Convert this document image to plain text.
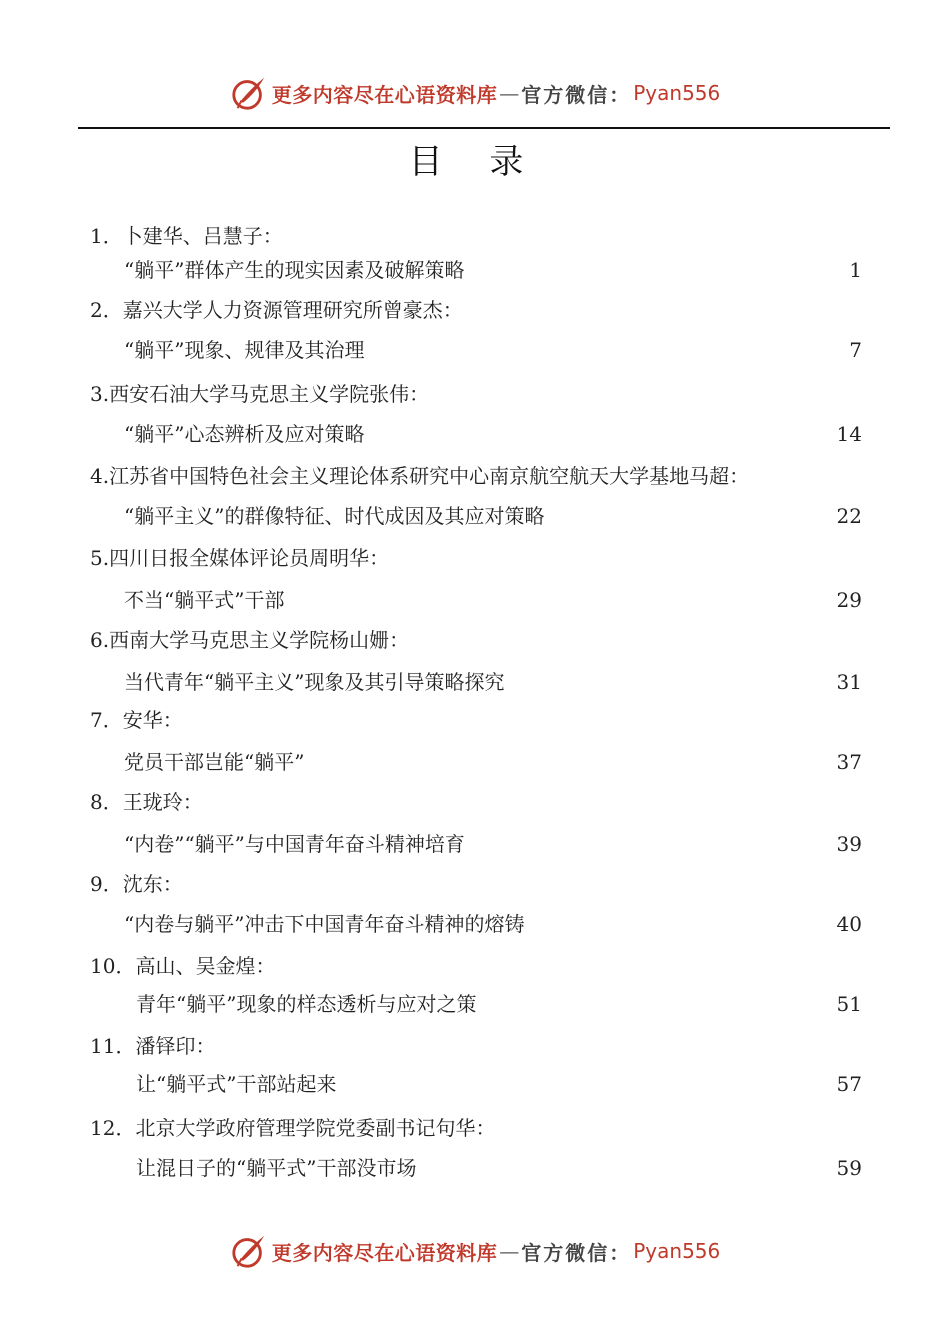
更多内容尽在心语资料库 — 官方微信： Pyan556
目 录
1．卜建华、吕慧子：
“躺平”群体产生的现实因素及破解策略	1
2．嘉兴大学人力资源管理研究所曾豪杰：
“躺平”现象、规律及其治理	7
3.西安石油大学马克思主义学院张伟：
“躺平”心态辨析及应对策略	14
4.江苏省中国特色社会主义理论体系研究中心南京航空航天大学基地马超：
“躺平主义”的群像特征、时代成因及其应对策略	22
5.四川日报全媒体评论员周明华：
不当“躺平式”干部	29
6.西南大学马克思主义学院杨山姗：
当代青年“躺平主义”现象及其引导策略探究	31
7．安华：
党员干部岂能“躺平”	37
8．王珑玲：
“内卷”“躺平”与中国青年奋斗精神培育	39
9．沈东：
“内卷与躺平”冲击下中国青年奋斗精神的熔铸	40
10．高山、吴金煌：
青年“躺平”现象的样态透析与应对之策	51
11．潘铎印：
让“躺平式”干部站起来	57
12．北京大学政府管理学院党委副书记句华：
让混日子的“躺平式”干部没市场	59
更多内容尽在心语资料库 — 官方微信： Pyan556
